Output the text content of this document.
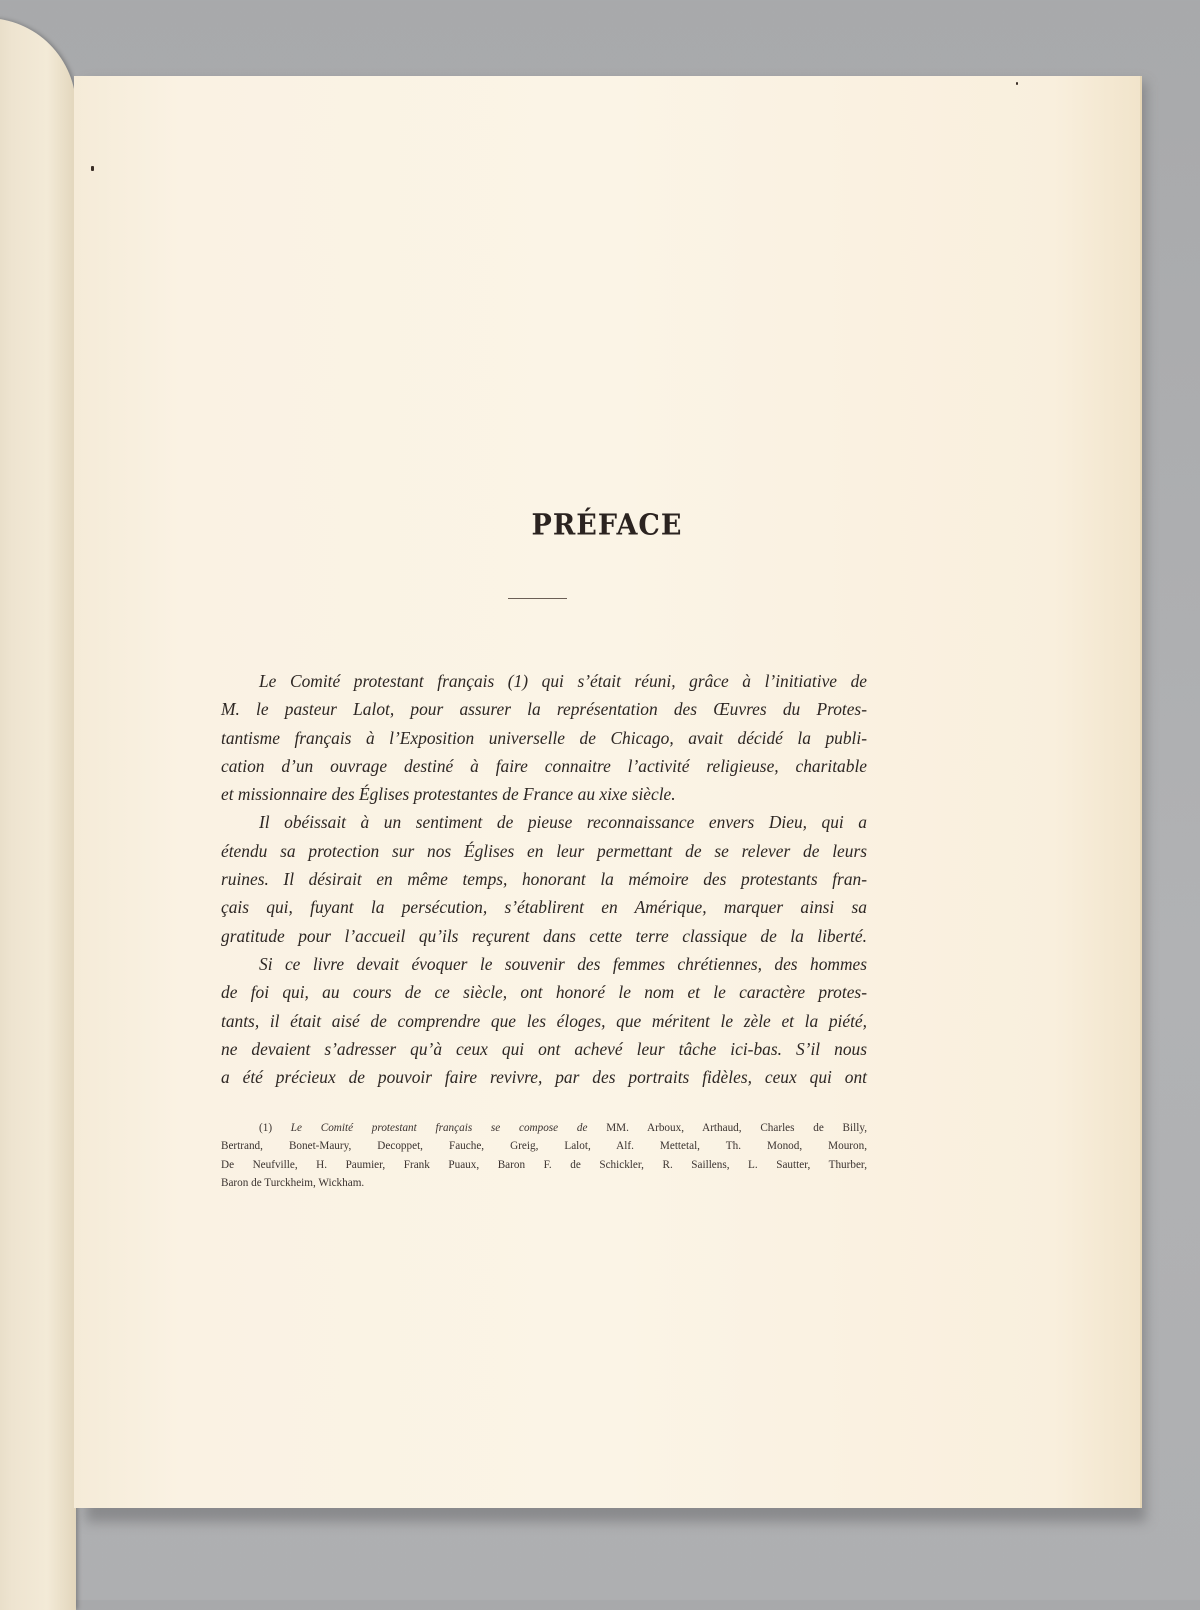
PRÉFACE
Le Comité protestant français (1) qui s’était réuni, grâce à l’initiative de
M. le pasteur Lalot, pour assurer la représentation des Œuvres du Protes-
tantisme français à l’Exposition universelle de Chicago, avait décidé la publi-
cation d’un ouvrage destiné à faire connaitre l’activité religieuse, charitable
et missionnaire des Églises protestantes de France au xixe siècle.
Il obéissait à un sentiment de pieuse reconnaissance envers Dieu, qui a
étendu sa protection sur nos Églises en leur permettant de se relever de leurs
ruines. Il désirait en même temps, honorant la mémoire des protestants fran-
çais qui, fuyant la persécution, s’établirent en Amérique, marquer ainsi sa
gratitude pour l’accueil qu’ils reçurent dans cette terre classique de la liberté.
Si ce livre devait évoquer le souvenir des femmes chrétiennes, des hommes
de foi qui, au cours de ce siècle, ont honoré le nom et le caractère protes-
tants, il était aisé de comprendre que les éloges, que méritent le zèle et la piété,
ne devaient s’adresser qu’à ceux qui ont achevé leur tâche ici-bas. S’il nous
a été précieux de pouvoir faire revivre, par des portraits fidèles, ceux qui ont
(1) Le Comité protestant français se compose de MM. Arboux, Arthaud, Charles de Billy,
Bertrand, Bonet-Maury, Decoppet, Fauche, Greig, Lalot, Alf. Mettetal, Th. Monod, Mouron,
De Neufville, H. Paumier, Frank Puaux, Baron F. de Schickler, R. Saillens, L. Sautter, Thurber,
Baron de Turckheim, Wickham.
